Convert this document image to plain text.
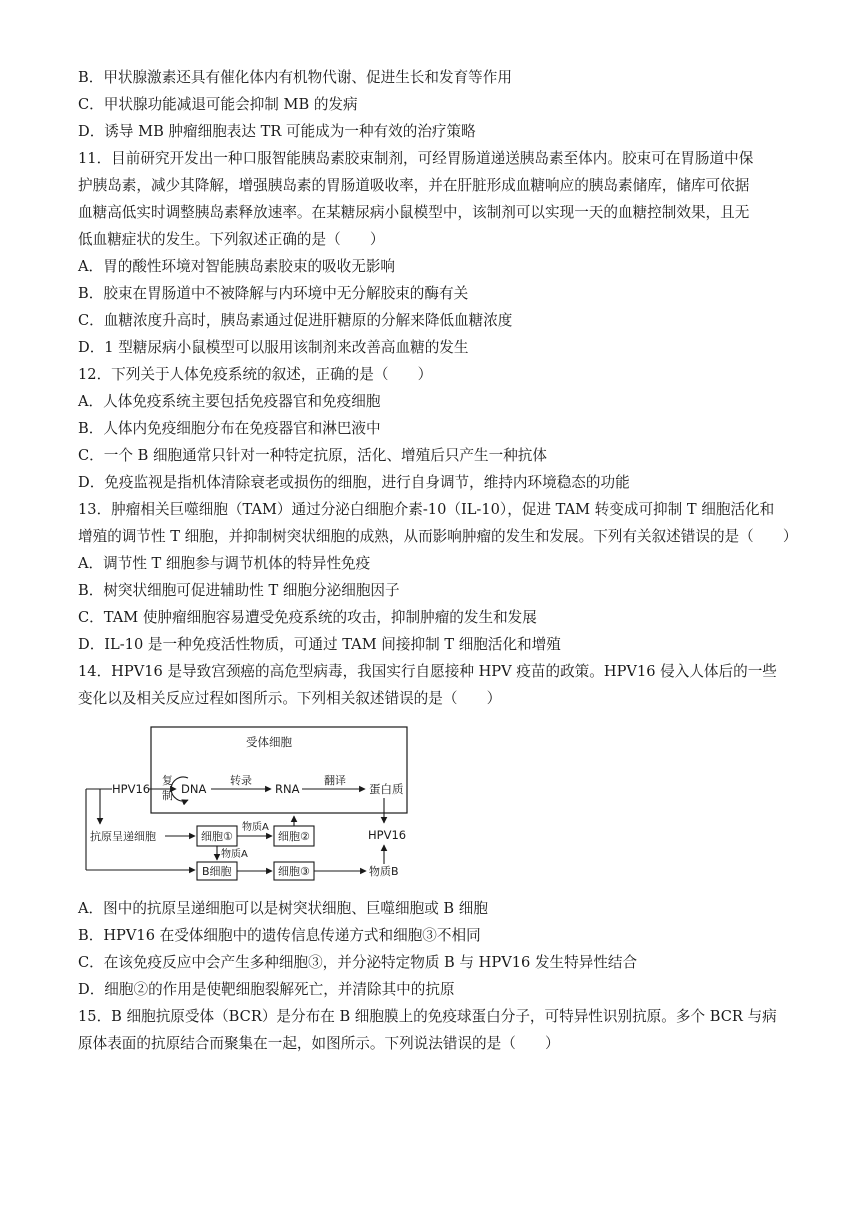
B．甲状腺激素还具有催化体内有机物代谢、促进生长和发育等作用
C．甲状腺功能减退可能会抑制 MB 的发病
D．诱导 MB 肿瘤细胞表达 TR 可能成为一种有效的治疗策略
11．目前研究开发出一种口服智能胰岛素胶束制剂，可经胃肠道递送胰岛素至体内。胶束可在胃肠道中保
护胰岛素，减少其降解，增强胰岛素的胃肠道吸收率，并在肝脏形成血糖响应的胰岛素储库，储库可依据
血糖高低实时调整胰岛素释放速率。在某糖尿病小鼠模型中，该制剂可以实现一天的血糖控制效果，且无
低血糖症状的发生。下列叙述正确的是（　　）
A．胃的酸性环境对智能胰岛素胶束的吸收无影响
B．胶束在胃肠道中不被降解与内环境中无分解胶束的酶有关
C．血糖浓度升高时，胰岛素通过促进肝糖原的分解来降低血糖浓度
D．1 型糖尿病小鼠模型可以服用该制剂来改善高血糖的发生
12．下列关于人体免疫系统的叙述，正确的是（　　）
A．人体免疫系统主要包括免疫器官和免疫细胞
B．人体内免疫细胞分布在免疫器官和淋巴液中
C．一个 B 细胞通常只针对一种特定抗原，活化、增殖后只产生一种抗体
D．免疫监视是指机体清除衰老或损伤的细胞，进行自身调节，维持内环境稳态的功能
13．肿瘤相关巨噬细胞（TAM）通过分泌白细胞介素-10（IL-10），促进 TAM 转变成可抑制 T 细胞活化和
增殖的调节性 T 细胞，并抑制树突状细胞的成熟，从而影响肿瘤的发生和发展。下列有关叙述错误的是（　　）
A．调节性 T 细胞参与调节机体的特异性免疫
B．树突状细胞可促进辅助性 T 细胞分泌细胞因子
C．TAM 使肿瘤细胞容易遭受免疫系统的攻击，抑制肿瘤的发生和发展
D．IL-10 是一种免疫活性物质，可通过 TAM 间接抑制 T 细胞活化和增殖
14．HPV16 是导致宫颈癌的高危型病毒，我国实行自愿接种 HPV 疫苗的政策。HPV16 侵入人体后的一些
变化以及相关反应过程如图所示。下列相关叙述错误的是（　　）
受体细胞
HPV16
复
制 DNA
转录
RNA
翻译
蛋白质
HPV16
抗原呈递细胞	细胞①
物质A
细胞②
物质A
B细胞	细胞③	物质B
A．图中的抗原呈递细胞可以是树突状细胞、巨噬细胞或 B 细胞
B．HPV16 在受体细胞中的遗传信息传递方式和细胞③不相同
C．在该免疫反应中会产生多种细胞③，并分泌特定物质 B 与 HPV16 发生特异性结合
D．细胞②的作用是使靶细胞裂解死亡，并清除其中的抗原
15．B 细胞抗原受体（BCR）是分布在 B 细胞膜上的免疫球蛋白分子，可特异性识别抗原。多个 BCR 与病
原体表面的抗原结合而聚集在一起，如图所示。下列说法错误的是（　　）
